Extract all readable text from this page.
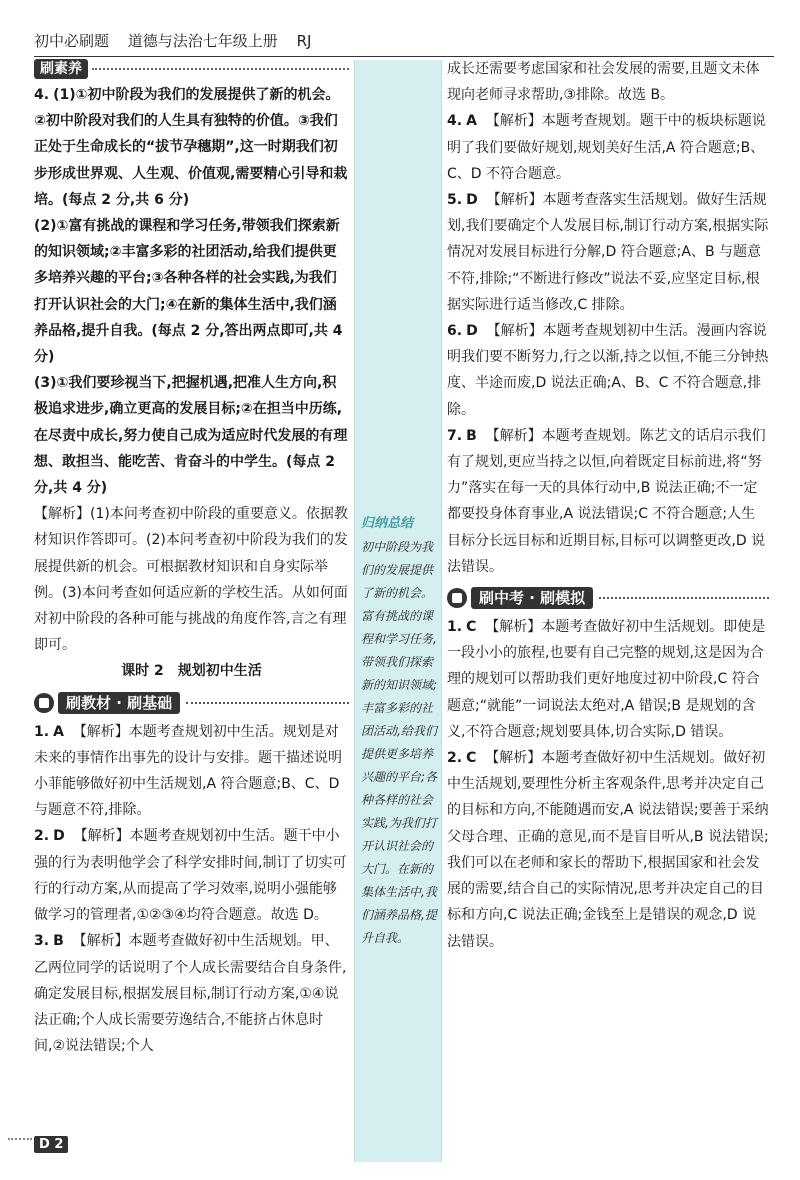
初中必刷题 道德与法治七年级上册 RJ
归纳总结
初中阶段为我们的发展提供了新的机会。富有挑战的课程和学习任务,带领我们探索新的知识领域;丰富多彩的社团活动,给我们提供更多培养兴趣的平台;各种各样的社会实践,为我们打开认识社会的大门。在新的集体生活中,我们涵养品格,提升自我。
刷素养

4. (1)①初中阶段为我们的发展提供了新的机会。②初中阶段对我们的人生具有独特的价值。③我们正处于生命成长的“拔节孕穗期”,这一时期我们初步形成世界观、人生观、价值观,需要精心引导和栽培。(每点 2 分,共 6 分)

(2)①富有挑战的课程和学习任务,带领我们探索新的知识领域;②丰富多彩的社团活动,给我们提供更多培养兴趣的平台;③各种各样的社会实践,为我们打开认识社会的大门;④在新的集体生活中,我们涵养品格,提升自我。(每点 2 分,答出两点即可,共 4 分)

(3)①我们要珍视当下,把握机遇,把准人生方向,积极追求进步,确立更高的发展目标;②在担当中历练,在尽责中成长,努力使自己成为适应时代发展的有理想、敢担当、能吃苦、肯奋斗的中学生。(每点 2 分,共 4 分)

【解析】(1)本问考查初中阶段的重要意义。依据教材知识作答即可。(2)本问考查初中阶段为我们的发展提供新的机会。可根据教材知识和自身实际举例。(3)本问考查如何适应新的学校生活。从如何面对初中阶段的各种可能与挑战的角度作答,言之有理即可。

课时 2　规划初中生活

刷教材 · 刷基础

1. A 【解析】本题考查规划初中生活。规划是对未来的事情作出事先的设计与安排。题干描述说明小菲能够做好初中生活规划,A 符合题意;B、C、D 与题意不符,排除。

2. D 【解析】本题考查规划初中生活。题干中小强的行为表明他学会了科学安排时间,制订了切实可行的行动方案,从而提高了学习效率,说明小强能够做学习的管理者,①②③④均符合题意。故选 D。

3. B 【解析】本题考查做好初中生活规划。甲、乙两位同学的话说明了个人成长需要结合自身条件,确定发展目标,根据发展目标,制订行动方案,①④说法正确;个人成长需要劳逸结合,不能挤占休息时间,②说法错误;个人

成长还需要考虑国家和社会发展的需要,且题文未体现向老师寻求帮助,③排除。故选 B。

4. A 【解析】本题考查规划。题干中的板块标题说明了我们要做好规划,规划美好生活,A 符合题意;B、C、D 不符合题意。

5. D 【解析】本题考查落实生活规划。做好生活规划,我们要确定个人发展目标,制订行动方案,根据实际情况对发展目标进行分解,D 符合题意;A、B 与题意不符,排除;“不断进行修改”说法不妥,应坚定目标,根据实际进行适当修改,C 排除。

6. D 【解析】本题考查规划初中生活。漫画内容说明我们要不断努力,行之以渐,持之以恒,不能三分钟热度、半途而废,D 说法正确;A、B、C 不符合题意,排除。

7. B 【解析】本题考查规划。陈艺文的话启示我们有了规划,更应当持之以恒,向着既定目标前进,将“努力”落实在每一天的具体行动中,B 说法正确;不一定都要投身体育事业,A 说法错误;C 不符合题意;人生目标分长远目标和近期目标,目标可以调整更改,D 说法错误。

刷中考 · 刷模拟

1. C 【解析】本题考查做好初中生活规划。即使是一段小小的旅程,也要有自己完整的规划,这是因为合理的规划可以帮助我们更好地度过初中阶段,C 符合题意;“就能”一词说法太绝对,A 错误;B 是规划的含义,不符合题意;规划要具体,切合实际,D 错误。

2. C 【解析】本题考查做好初中生活规划。做好初中生活规划,要理性分析主客观条件,思考并决定自己的目标和方向,不能随遇而安,A 说法错误;要善于采纳父母合理、正确的意见,而不是盲目听从,B 说法错误;我们可以在老师和家长的帮助下,根据国家和社会发展的需要,结合自己的实际情况,思考并决定自己的目标和方向,C 说法正确;金钱至上是错误的观念,D 说法错误。

D 2
